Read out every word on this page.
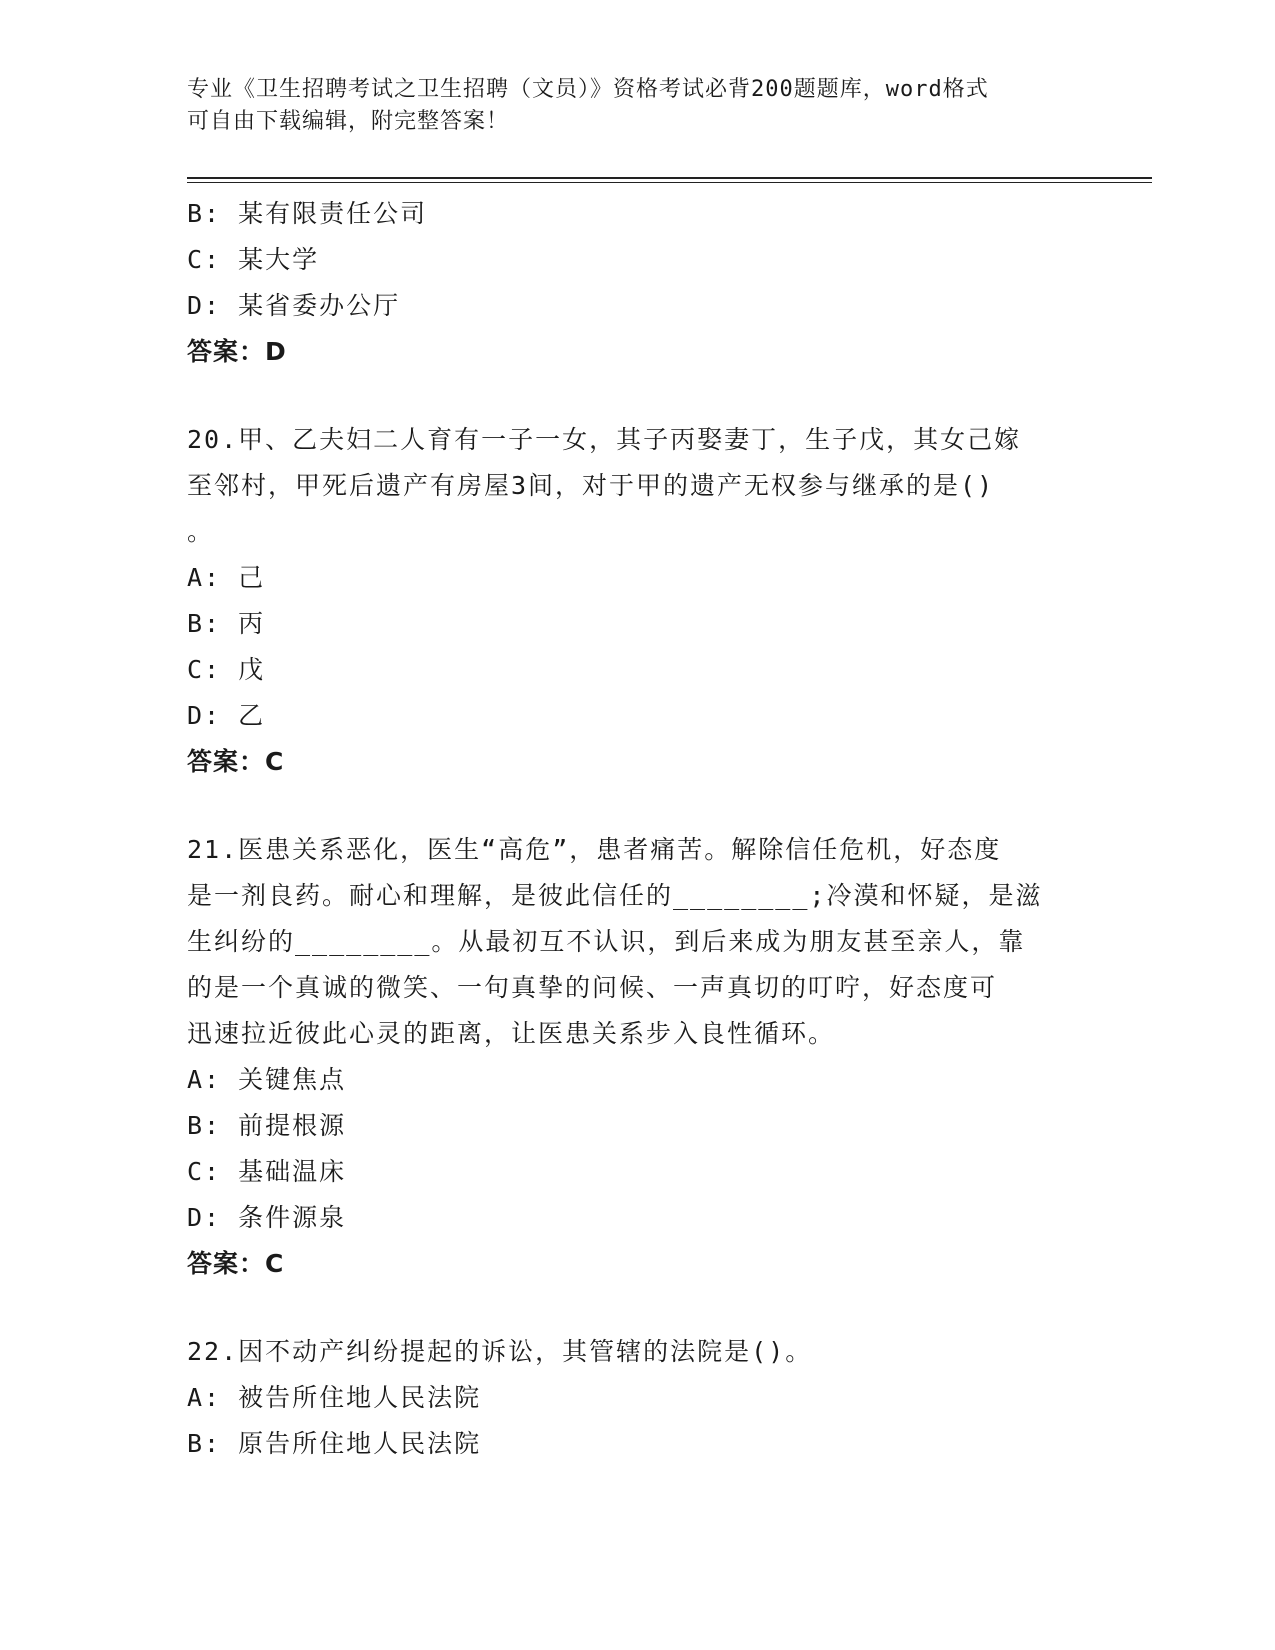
专业《卫生招聘考试之卫生招聘（文员）》资格考试必背200题题库，word格式
可自由下载编辑，附完整答案！
B: 某有限责任公司
C: 某大学
D: 某省委办公厅
答案：D
20.甲、乙夫妇二人育有一子一女，其子丙娶妻丁，生子戊，其女己嫁
至邻村，甲死后遗产有房屋3间，对于甲的遗产无权参与继承的是()
。
A: 己
B: 丙
C: 戊
D: 乙
答案：C
21.医患关系恶化，医生“高危”，患者痛苦。解除信任危机，好态度
是一剂良药。耐心和理解，是彼此信任的________;冷漠和怀疑，是滋
生纠纷的________。从最初互不认识，到后来成为朋友甚至亲人，靠
的是一个真诚的微笑、一句真挚的问候、一声真切的叮咛，好态度可
迅速拉近彼此心灵的距离，让医患关系步入良性循环。
A: 关键焦点
B: 前提根源
C: 基础温床
D: 条件源泉
答案：C
22.因不动产纠纷提起的诉讼，其管辖的法院是()。
A: 被告所住地人民法院
B: 原告所住地人民法院
